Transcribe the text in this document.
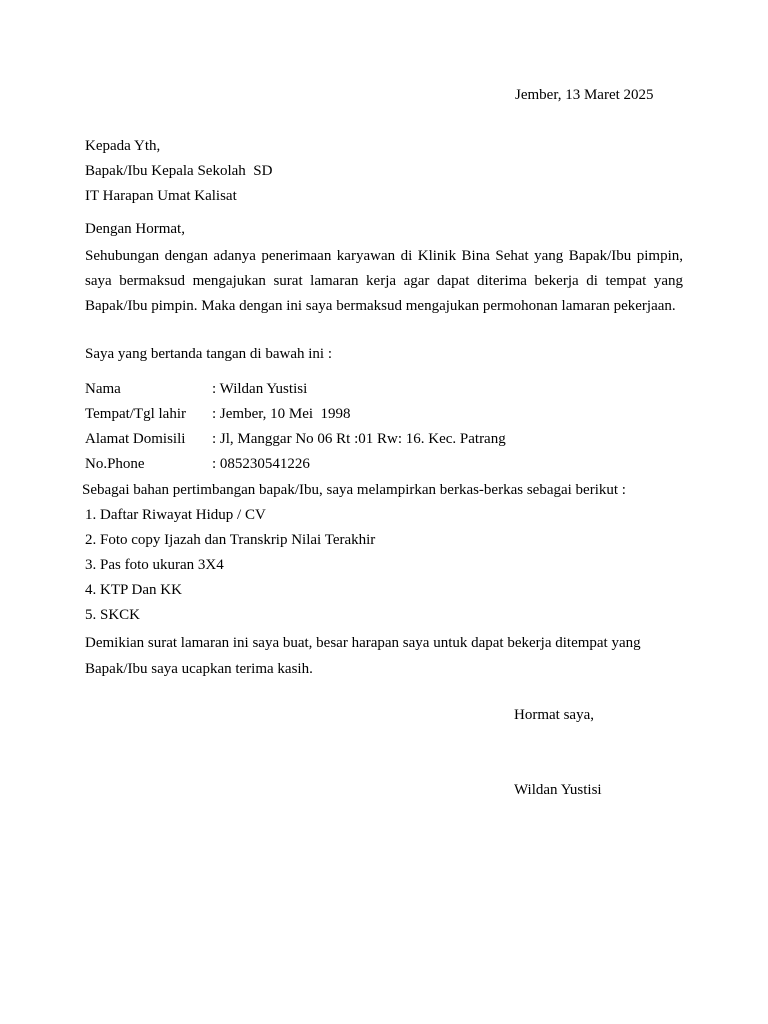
Jember, 13 Maret 2025
Kepada Yth,
Bapak/Ibu Kepala Sekolah  SD
IT Harapan Umat Kalisat
Dengan Hormat,
Sehubungan dengan adanya penerimaan karyawan di Klinik Bina Sehat yang Bapak/Ibu pimpin, saya bermaksud mengajukan surat lamaran kerja agar dapat diterima bekerja di tempat yang Bapak/Ibu pimpin. Maka dengan ini saya bermaksud mengajukan permohonan lamaran pekerjaan.
Saya yang bertanda tangan di bawah ini :
Nama	: Wildan Yustisi
Tempat/Tgl lahir : Jember, 10 Mei  1998
Alamat Domisili : Jl, Manggar No 06 Rt :01 Rw: 16. Kec. Patrang
No.Phone	: 085230541226
Sebagai bahan pertimbangan bapak/Ibu, saya melampirkan berkas-berkas sebagai berikut :
1. Daftar Riwayat Hidup / CV
2. Foto copy Ijazah dan Transkrip Nilai Terakhir
3. Pas foto ukuran 3X4
4. KTP Dan KK
5. SKCK
Demikian surat lamaran ini saya buat, besar harapan saya untuk dapat bekerja ditempat yang Bapak/Ibu saya ucapkan terima kasih.
Hormat saya,
Wildan Yustisi
